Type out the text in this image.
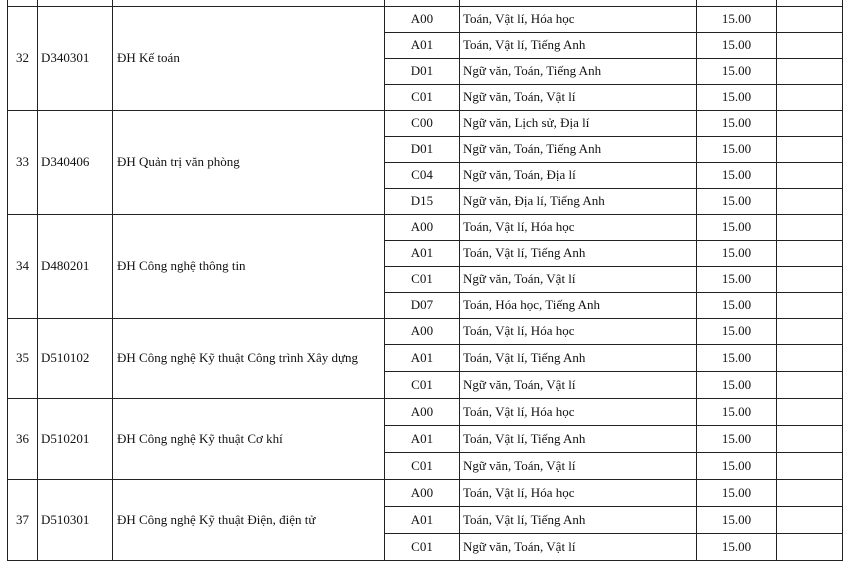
32	D340301	ĐH Kế toán	A00	Toán, Vật lí, Hóa học	15.00	
			A01	Toán, Vật lí, Tiếng Anh	15.00	
			D01	Ngữ văn, Toán, Tiếng Anh	15.00	
			C01	Ngữ văn, Toán, Vật lí	15.00	
33	D340406	ĐH Quản trị văn phòng	C00	Ngữ văn, Lịch sử, Địa lí	15.00	
			D01	Ngữ văn, Toán, Tiếng Anh	15.00	
			C04	Ngữ văn, Toán, Địa lí	15.00	
			D15	Ngữ văn, Địa lí, Tiếng Anh	15.00	
34	D480201	ĐH Công nghệ thông tin	A00	Toán, Vật lí, Hóa học	15.00	
			A01	Toán, Vật lí, Tiếng Anh	15.00	
			C01	Ngữ văn, Toán, Vật lí	15.00	
			D07	Toán, Hóa học, Tiếng Anh	15.00	
35	D510102	ĐH Công nghệ Kỹ thuật Công trình Xây dựng	A00	Toán, Vật lí, Hóa học	15.00	
			A01	Toán, Vật lí, Tiếng Anh	15.00	
			C01	Ngữ văn, Toán, Vật lí	15.00	
36	D510201	ĐH Công nghệ Kỹ thuật Cơ khí	A00	Toán, Vật lí, Hóa học	15.00	
			A01	Toán, Vật lí, Tiếng Anh	15.00	
			C01	Ngữ văn, Toán, Vật lí	15.00	
37	D510301	ĐH Công nghệ Kỹ thuật Điện, điện tử	A00	Toán, Vật lí, Hóa học	15.00	
			A01	Toán, Vật lí, Tiếng Anh	15.00	
			C01	Ngữ văn, Toán, Vật lí	15.00	
